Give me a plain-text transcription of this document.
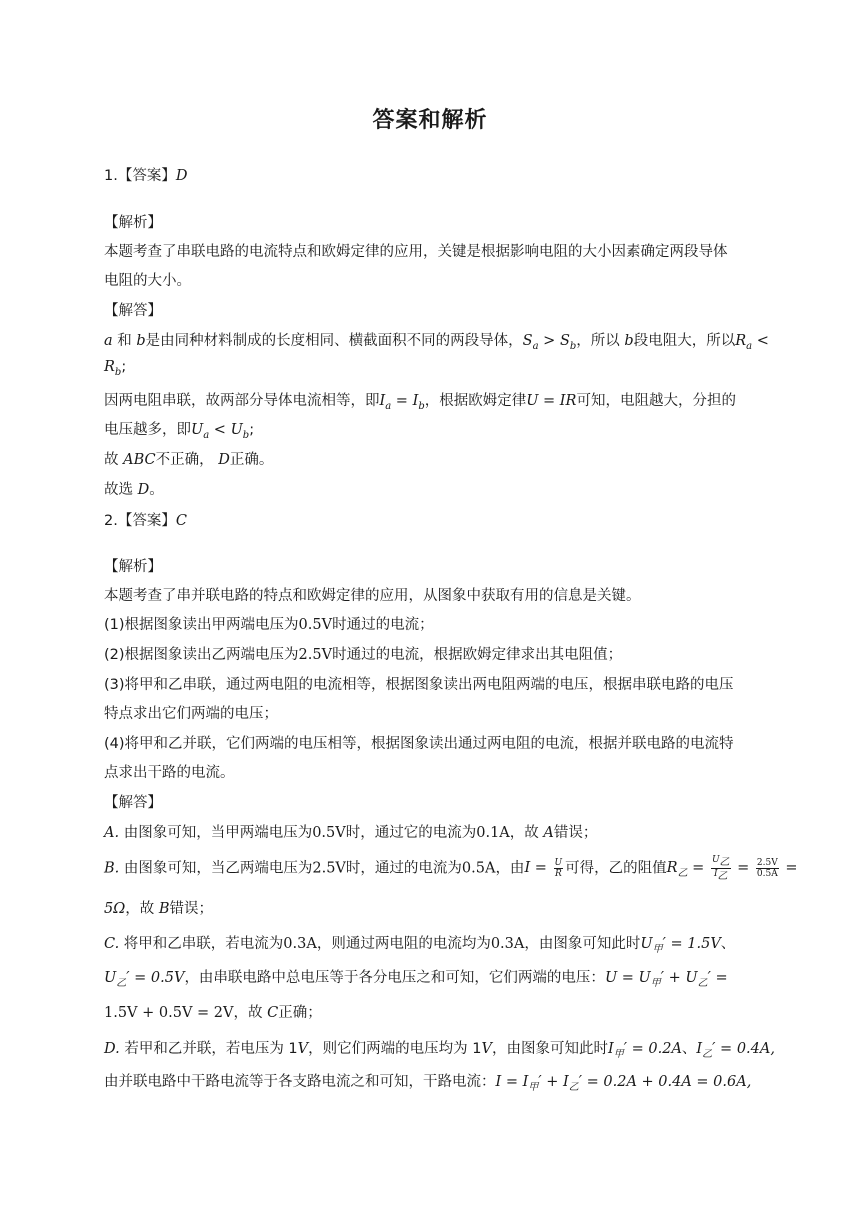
答案和解析
1.【答案】D
【解析】
本题考查了串联电路的电流特点和欧姆定律的应用，关键是根据影响电阻的大小因素确定两段导体
电阻的大小。
【解答】
a 和 b是由同种材料制成的长度相同、横截面积不同的两段导体，$S_a > S_b$，所以 b段电阻大，所以$R_a$ <
$R_b$;
因两电阻串联，故两部分导体电流相等，即$I_a = I_b$，根据欧姆定律U = IR可知，电阻越大，分担的
电压越多，即$U_a < U_b$;
故 ABC不正确， D正确。
故选 D。
2.【答案】C
【解析】
本题考查了串并联电路的特点和欧姆定律的应用，从图象中获取有用的信息是关键。
(1)根据图象读出甲两端电压为0.5V时通过的电流；
(2)根据图象读出乙两端电压为2.5V时通过的电流，根据欧姆定律求出其电阻值；
(3)将甲和乙串联，通过两电阻的电流相等，根据图象读出两电阻两端的电压，根据串联电路的电压
特点求出它们两端的电压；
(4)将甲和乙并联，它们两端的电压相等，根据图象读出通过两电阻的电流，根据并联电路的电流特
点求出干路的电流。
【解答】
A. 由图象可知，当甲两端电压为0.5V时，通过它的电流为0.1A，故 A错误；
B. 由图象可知，当乙两端电压为2.5V时，通过的电流为0.5A，由$I = \frac{U}{R}$ 可得，乙的阻值$R_乙 = \frac{U_乙}{I_乙} = \frac{2.5V}{0.5A}$ =
5Ω，故 B错误；
C. 将甲和乙串联，若电流为0.3A，则通过两电阻的电流均为0.3A，由图象可知此时$U_甲' = 1.5V$、
$U_乙' = 0.5V$，由串联电路中总电压等于各分电压之和可知，它们两端的电压：$U = U_甲' + U_乙'$ =
1.5V + 0.5V = 2V，故 C正确；
D. 若甲和乙并联，若电压为 1V，则它们两端的电压均为 1V，由图象可知此时$I_甲' = 0.2A$、$I_乙' = 0.4A$,
由并联电路中干路电流等于各支路电流之和可知，干路电流：$I = I_甲' + I_乙' = 0.2A + 0.4A = 0.6A$,
